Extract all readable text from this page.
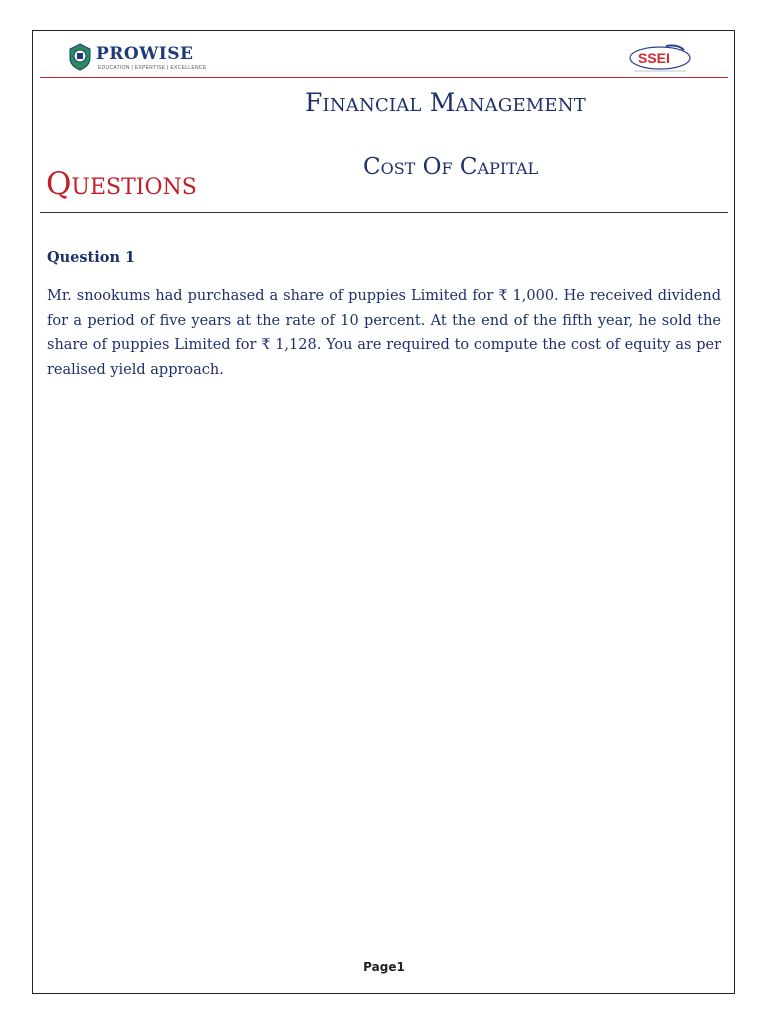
PROWISE
EDUCATION | EXPERTISE | EXCELLENCE
SSEI
Financial Management
Cost Of Capital
Questions
Question 1
Mr. snookums had purchased a share of puppies Limited for ₹ 1,000. He received dividend for a period of five years at the rate of 10 percent. At the end of the fifth year, he sold the share of puppies Limited for ₹ 1,128. You are required to compute the cost of equity as per realised yield approach.
Page1
